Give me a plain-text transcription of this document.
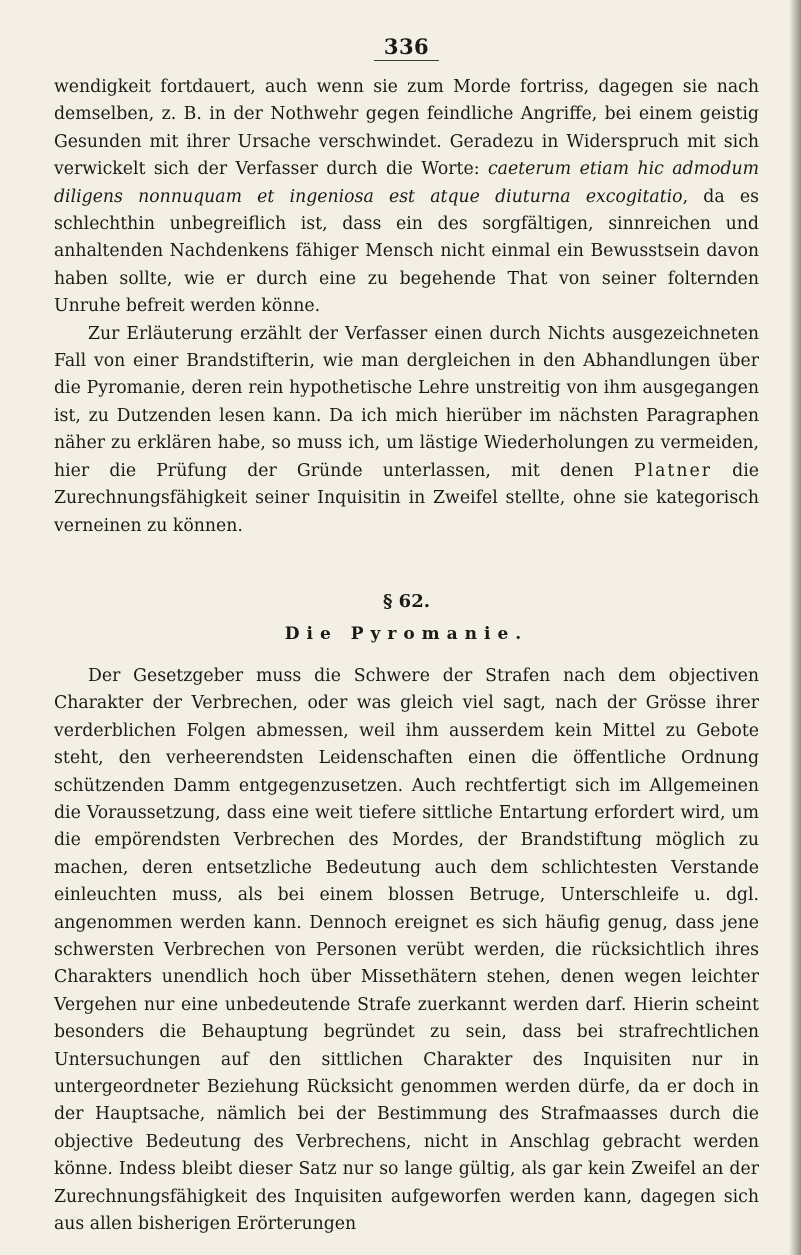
336

wendigkeit fortdauert, auch wenn sie zum Morde fortriss, dagegen sie nach demselben, z. B. in der Nothwehr gegen feindliche Angriffe, bei einem geistig Gesunden mit ihrer Ursache verschwindet. Geradezu in Widerspruch mit sich verwickelt sich der Verfasser durch die Worte: caeterum etiam hic admodum diligens nonnuquam et ingeniosa est atque diuturna excogitatio, da es schlechthin unbegreiflich ist, dass ein des sorgfältigen, sinnreichen und anhaltenden Nachdenkens fähiger Mensch nicht einmal ein Bewusstsein davon haben sollte, wie er durch eine zu begehende That von seiner folternden Unruhe befreit werden könne.

Zur Erläuterung erzählt der Verfasser einen durch Nichts ausgezeichneten Fall von einer Brandstifterin, wie man dergleichen in den Abhandlungen über die Pyromanie, deren rein hypothetische Lehre unstreitig von ihm ausgegangen ist, zu Dutzenden lesen kann. Da ich mich hierüber im nächsten Paragraphen näher zu erklären habe, so muss ich, um lästige Wiederholungen zu vermeiden, hier die Prüfung der Gründe unterlassen, mit denen Platner die Zurechnungsfähigkeit seiner Inquisitin in Zweifel stellte, ohne sie kategorisch verneinen zu können.

§ 62.
Die Pyromanie.

Der Gesetzgeber muss die Schwere der Strafen nach dem objectiven Charakter der Verbrechen, oder was gleich viel sagt, nach der Grösse ihrer verderblichen Folgen abmessen, weil ihm ausserdem kein Mittel zu Gebote steht, den verheerendsten Leidenschaften einen die öffentliche Ordnung schützenden Damm entgegenzusetzen. Auch rechtfertigt sich im Allgemeinen die Voraussetzung, dass eine weit tiefere sittliche Entartung erfordert wird, um die empörendsten Verbrechen des Mordes, der Brandstiftung möglich zu machen, deren entsetzliche Bedeutung auch dem schlichtesten Verstande einleuchten muss, als bei einem blossen Betruge, Unterschleife u. dgl. angenommen werden kann. Dennoch ereignet es sich häufig genug, dass jene schwersten Verbrechen von Personen verübt werden, die rücksichtlich ihres Charakters unendlich hoch über Missethätern stehen, denen wegen leichter Vergehen nur eine unbedeutende Strafe zuerkannt werden darf. Hierin scheint besonders die Behauptung begründet zu sein, dass bei strafrechtlichen Untersuchungen auf den sittlichen Charakter des Inquisiten nur in untergeordneter Beziehung Rücksicht genommen werden dürfe, da er doch in der Hauptsache, nämlich bei der Bestimmung des Strafmaasses durch die objective Bedeutung des Verbrechens, nicht in Anschlag gebracht werden könne. Indess bleibt dieser Satz nur so lange gültig, als gar kein Zweifel an der Zurechnungsfähigkeit des Inquisiten aufgeworfen werden kann, dagegen sich aus allen bisherigen Erörterungen
